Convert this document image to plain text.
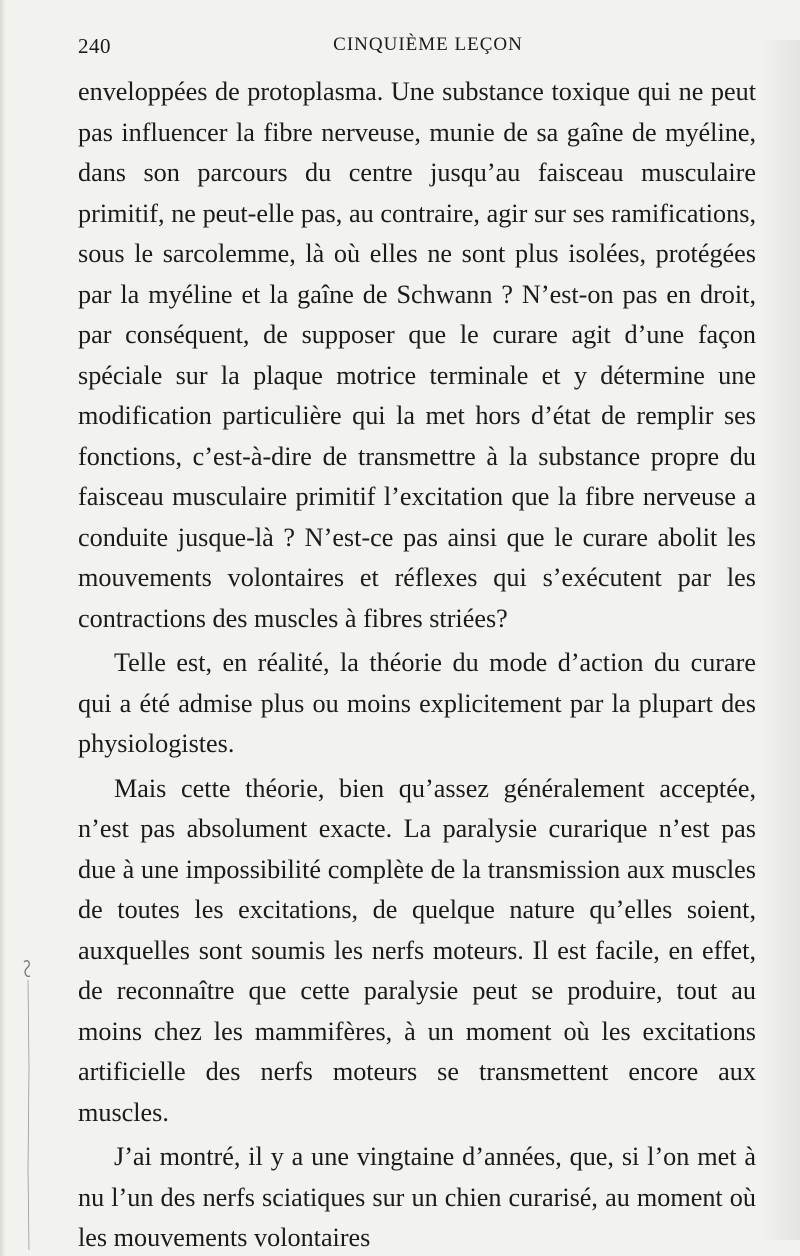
240	CINQUIÈME LEÇON

enveloppées de protoplasma. Une substance toxique qui ne peut pas influencer la fibre nerveuse, munie de sa gaîne de myéline, dans son parcours du centre jusqu’au faisceau musculaire primitif, ne peut-elle pas, au contraire, agir sur ses ramifications, sous le sarcolemme, là où elles ne sont plus isolées, protégées par la myéline et la gaîne de Schwann ? N’est-on pas en droit, par conséquent, de supposer que le curare agit d’une façon spéciale sur la plaque motrice terminale et y détermine une modification particulière qui la met hors d’état de remplir ses fonctions, c’est-à-dire de transmettre à la substance propre du faisceau musculaire primitif l’excitation que la fibre nerveuse a conduite jusque-là ? N’est-ce pas ainsi que le curare abolit les mouvements volontaires et réflexes qui s’exécutent par les contractions des muscles à fibres striées?

Telle est, en réalité, la théorie du mode d’action du curare qui a été admise plus ou moins explicitement par la plupart des physiologistes.

Mais cette théorie, bien qu’assez généralement acceptée, n’est pas absolument exacte. La paralysie curarique n’est pas due à une impossibilité complète de la transmission aux muscles de toutes les excitations, de quelque nature qu’elles soient, auxquelles sont soumis les nerfs moteurs. Il est facile, en effet, de reconnaître que cette paralysie peut se produire, tout au moins chez les mammifères, à un moment où les excitations artificielle des nerfs moteurs se transmettent encore aux muscles.

J’ai montré, il y a une vingtaine d’années, que, si l’on met à nu l’un des nerfs sciatiques sur un chien curarisé, au moment où les mouvements volontaires
